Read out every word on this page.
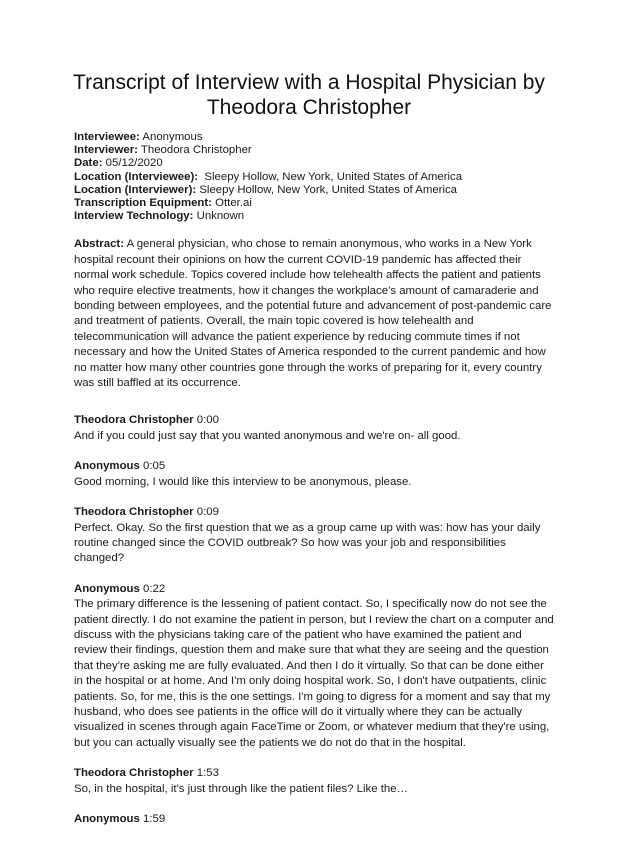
Transcript of Interview with a Hospital Physician by Theodora Christopher
Interviewee: Anonymous
Interviewer: Theodora Christopher
Date: 05/12/2020
Location (Interviewee): Sleepy Hollow, New York, United States of America
Location (Interviewer): Sleepy Hollow, New York, United States of America
Transcription Equipment: Otter.ai
Interview Technology: Unknown

Abstract: A general physician, who chose to remain anonymous, who works in a New York hospital recount their opinions on how the current COVID-19 pandemic has affected their normal work schedule. Topics covered include how telehealth affects the patient and patients who require elective treatments, how it changes the workplace’s amount of camaraderie and bonding between employees, and the potential future and advancement of post-pandemic care and treatment of patients. Overall, the main topic covered is how telehealth and telecommunication will advance the patient experience by reducing commute times if not necessary and how the United States of America responded to the current pandemic and how no matter how many other countries gone through the works of preparing for it, every country was still baffled at its occurrence.

Theodora Christopher 0:00
And if you could just say that you wanted anonymous and we're on- all good.
Anonymous 0:05
Good morning, I would like this interview to be anonymous, please.
Theodora Christopher 0:09
Perfect. Okay. So the first question that we as a group came up with was: how has your daily routine changed since the COVID outbreak? So how was your job and responsibilities changed?
Anonymous 0:22
The primary difference is the lessening of patient contact. So, I specifically now do not see the patient directly. I do not examine the patient in person, but I review the chart on a computer and discuss with the physicians taking care of the patient who have examined the patient and review their findings, question them and make sure that what they are seeing and the question that they're asking me are fully evaluated. And then I do it virtually. So that can be done either in the hospital or at home. And I'm only doing hospital work. So, I don't have outpatients, clinic patients. So, for me, this is the one settings. I'm going to digress for a moment and say that my husband, who does see patients in the office will do it virtually where they can be actually visualized in scenes through again FaceTime or Zoom, or whatever medium that they're using, but you can actually visually see the patients we do not do that in the hospital.
Theodora Christopher 1:53
So, in the hospital, it's just through like the patient files? Like the…
Anonymous 1:59
